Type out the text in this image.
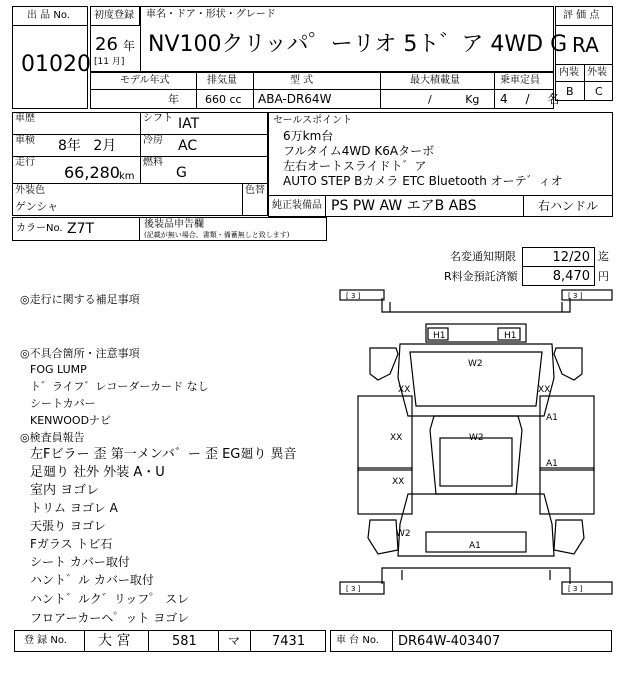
出 品 No.
01020
初度登録 車名・ドア・形状・グレード
26 年
[11 月]
NV100クリッパ゜ーリオ 5ト゛ア 4WD G
モデル年式	排気量	型 式	最大積載量	乗車定員
年 660 cc ABA-DR64W	/ Kg 4 / 名
評 価 点
RA
内装 外装
B C
車歴	シフト IAT
車検 8年 2月	冷房 AC
走行
66,280 km
燃料
G
外装色
ゲンシャ
色替
カラーNo. Z7T	後装品申告欄
(記載が無い場合、書類・備蓄無しと致します)
セールスポイント
6万km台
フルタイム4WD K6Aターボ
左右オートスライドト゛ア
AUTO STEP Bカメラ ETC Bluetooth オーテ゛ィオ
純正装備品 PS PW AW エアB ABS	右ハンドル
名変通知期限	12/20 迄
R料金預託済額	8,470 円
◎走行に関する補足事項
◎不具合箇所・注意事項
FOG LUMP
ト゛ライフ゛レコーダーカード なし
シートカバー
KENWOODナビ
◎検査員報告
左Fビラー 歪 第一メンバ゛ー 歪 EG廻り 異音
足廻り 社外 外装 A・U
室内 ヨゴレ
トリム ヨゴレ A
天張り ヨゴレ
Fガラス トビ石
シート カバー取付
ハント゛ル カバー取付
ハント゛ルク゛リッフ゜ スレ
フロアーカーヘ゜ット ヨゴレ
[ 3 ]	[ 3 ]
[ 3 ]	[ 3 ]
H1	H1
W2
XX	XX
A1
XX	W2
A1
XX
W2
A1
登 録 No. 大 宮	581	マ 7431	車 台 No. DR64W-403407
